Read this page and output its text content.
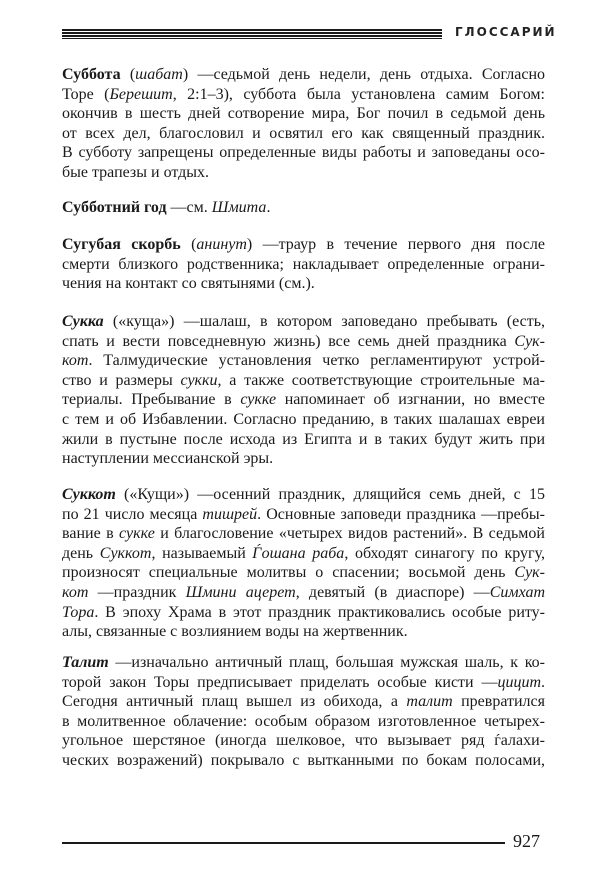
ГЛОССАРИЙ
Суббота (шабат) —седьмой день недели, день отдыха. Согласно
Торе (Берешит, 2:1–3), суббота была установлена самим Богом:
окончив в шесть дней сотворение мира, Бог почил в седьмой день
от всех дел, благословил и освятил его как священный праздник.
В субботу запрещены определенные виды работы и заповеданы осо-
бые трапезы и отдых.
Субботний год —см. Шмита.
Сугубая скорбь (анинут) —траур в течение первого дня после
смерти близкого родственника; накладывает определенные ограни-
чения на контакт со святынями (см.).
Сукка («куща») —шалаш, в котором заповедано пребывать (есть,
спать и вести повседневную жизнь) все семь дней праздника Сук-
кот. Талмудические установления четко регламентируют устрой-
ство и размеры сукки, а также соответствующие строительные ма-
териалы. Пребывание в сукке напоминает об изгнании, но вместе
с тем и об Избавлении. Согласно преданию, в таких шалашах евреи
жили в пустыне после исхода из Египта и в таких будут жить при
наступлении мессианской эры.
Суккот («Кущи») —осенний праздник, длящийся семь дней, с 15
по 21 число месяца тишрей. Основные заповеди праздника —пребы-
вание в сукке и благословение «четырех видов растений». В седьмой
день Суккот, называемый Ѓошана раба, обходят синагогу по кругу,
произносят специальные молитвы о спасении; восьмой день Сук-
кот —праздник Шмини ацерет, девятый (в диаспоре) —Симхат
Тора. В эпоху Храма в этот праздник практиковались особые риту-
алы, связанные с возлиянием воды на жертвенник.
Талит —изначально античный плащ, большая мужская шаль, к ко-
торой закон Торы предписывает приделать особые кисти —цицит.
Сегодня античный плащ вышел из обихода, а талит превратился
в молитвенное облачение: особым образом изготовленное четырех-
угольное шерстяное (иногда шелковое, что вызывает ряд ѓалахи-
ческих возражений) покрывало с вытканными по бокам полосами,
927
